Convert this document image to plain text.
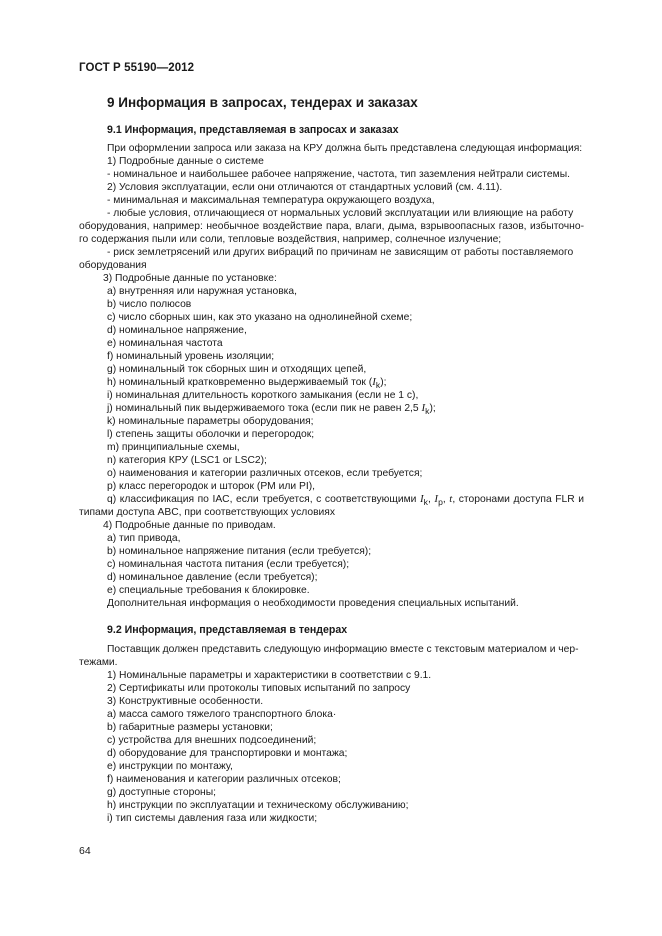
ГОСТ Р 55190—2012
9 Информация в запросах, тендерах и заказах
9.1 Информация, представляемая в запросах и заказах
При оформлении запроса или заказа на КРУ должна быть представлена следующая информация:
1) Подробные данные о системе
- номинальное и наибольшее рабочее напряжение, частота, тип заземления нейтрали системы.
2) Условия эксплуатации, если они отличаются от стандартных условий (см. 4.11).
- минимальная и максимальная температура окружающего воздуха,
- любые условия, отличающиеся от нормальных условий эксплуатации или влияющие на работу
оборудования, например: необычное воздействие пара, влаги, дыма, взрывоопасных газов, избыточно-
го содержания пыли или соли, тепловые воздействия, например, солнечное излучение;
- риск землетрясений или других вибраций по причинам не зависящим от работы поставляемого
оборудования
3) Подробные данные по установке:
a) внутренняя или наружная установка,
b) число полюсов
c) число сборных шин, как это указано на однолинейной схеме;
d) номинальное напряжение,
e) номинальная частота
f) номинальный уровень изоляции;
g) номинальный ток сборных шин и отходящих цепей,
h) номинальный кратковременно выдерживаемый ток $(I_k)$;
i) номинальная длительность короткого замыкания (если не 1 с),
j) номинальный пик выдерживаемого тока (если пик не равен 2,5 $I_k$);
k) номинальные параметры оборудования;
l) степень защиты оболочки и перегородок;
m) принципиальные схемы,
n) категория КРУ (LSC1 or LSC2);
o) наименования и категории различных отсеков, если требуется;
p) класс перегородок и шторок (PM или PI),
q) классификация по IAC, если требуется, с соответствующими $I_k$, $I_p$, t, сторонами доступа FLR и
типами доступа ABC, при соответствующих условиях
4) Подробные данные по приводам.
a) тип привода,
b) номинальное напряжение питания (если требуется);
c) номинальная частота питания (если требуется);
d) номинальное давление (если требуется);
e) специальные требования к блокировке.
Дополнительная информация о необходимости проведения специальных испытаний.
9.2 Информация, представляемая в тендерах
Поставщик должен представить следующую информацию вместе с текстовым материалом и чер-
тежами.
1) Номинальные параметры и характеристики в соответствии с 9.1.
2) Сертификаты или протоколы типовых испытаний по запросу
3) Конструктивные особенности.
a) масса самого тяжелого транспортного блока·
b) габаритные размеры установки;
c) устройства для внешних подсоединений;
d) оборудование для транспортировки и монтажа;
e) инструкции по монтажу,
f) наименования и категории различных отсеков;
g) доступные стороны;
h) инструкции по эксплуатации и техническому обслуживанию;
i) тип системы давления газа или жидкости;
64
